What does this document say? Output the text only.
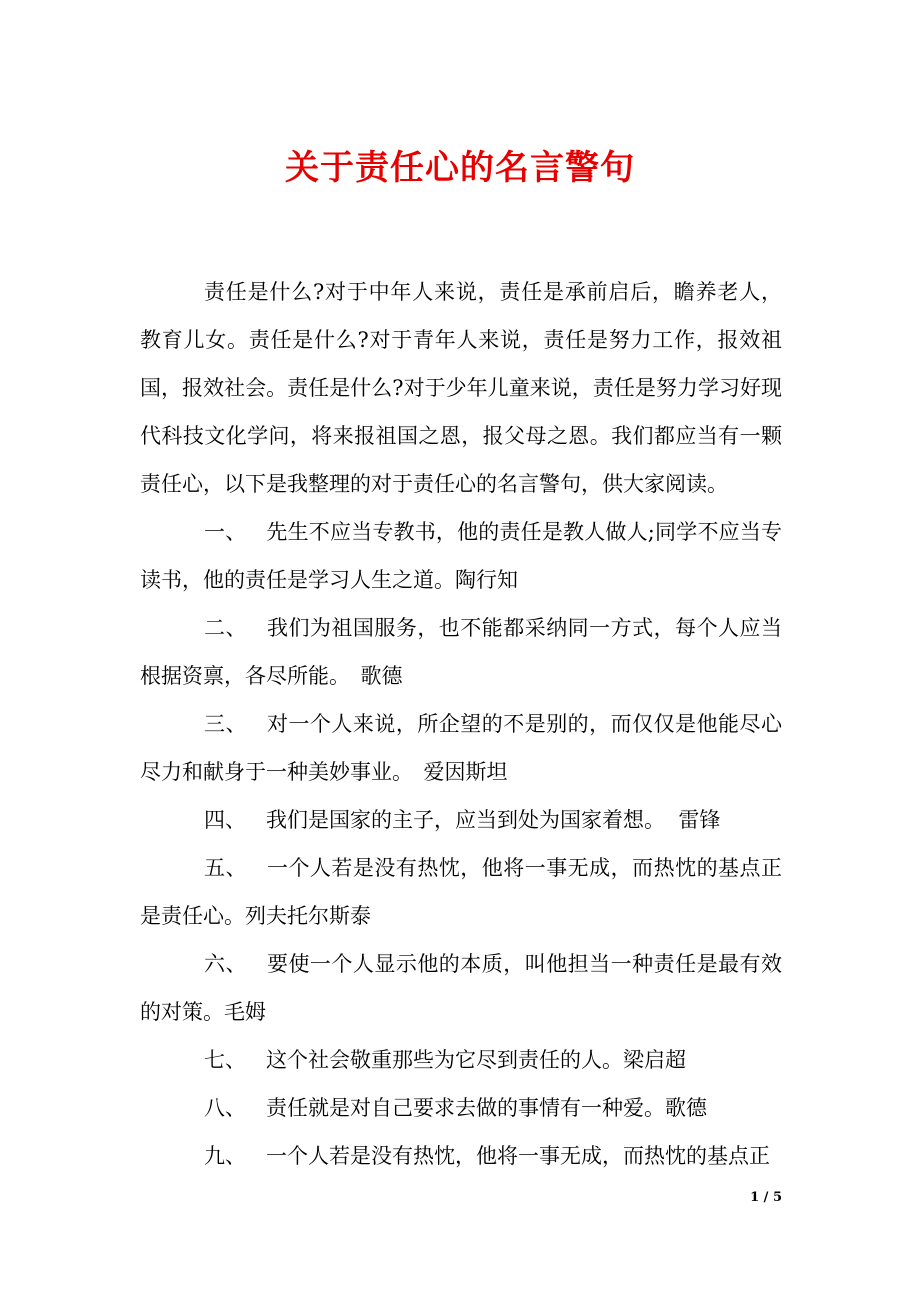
关于责任心的名言警句

责任是什么?对于中年人来说，责任是承前启后，瞻养老人，教育儿女。责任是什么?对于青年人来说，责任是努力工作，报效祖国，报效社会。责任是什么?对于少年儿童来说，责任是努力学习好现代科技文化学问，将来报祖国之恩，报父母之恩。我们都应当有一颗责任心，以下是我整理的对于责任心的名言警句，供大家阅读。

一、 先生不应当专教书，他的责任是教人做人;同学不应当专读书，他的责任是学习人生之道。陶行知

二、 我们为祖国服务，也不能都采纳同一方式，每个人应当根据资禀，各尽所能。　歌德

三、 对一个人来说，所企望的不是别的，而仅仅是他能尽心尽力和献身于一种美妙事业。　爱因斯坦

四、 我们是国家的主子，应当到处为国家着想。 雷锋

五、 一个人若是没有热忱，他将一事无成，而热忱的基点正是责任心。列夫托尔斯泰

六、 要使一个人显示他的本质，叫他担当一种责任是最有效的对策。毛姆

七、 这个社会敬重那些为它尽到责任的人。梁启超

八、 责任就是对自己要求去做的事情有一种爱。歌德

九、 一个人若是没有热忱，他将一事无成，而热忱的基点正

1 / 5
